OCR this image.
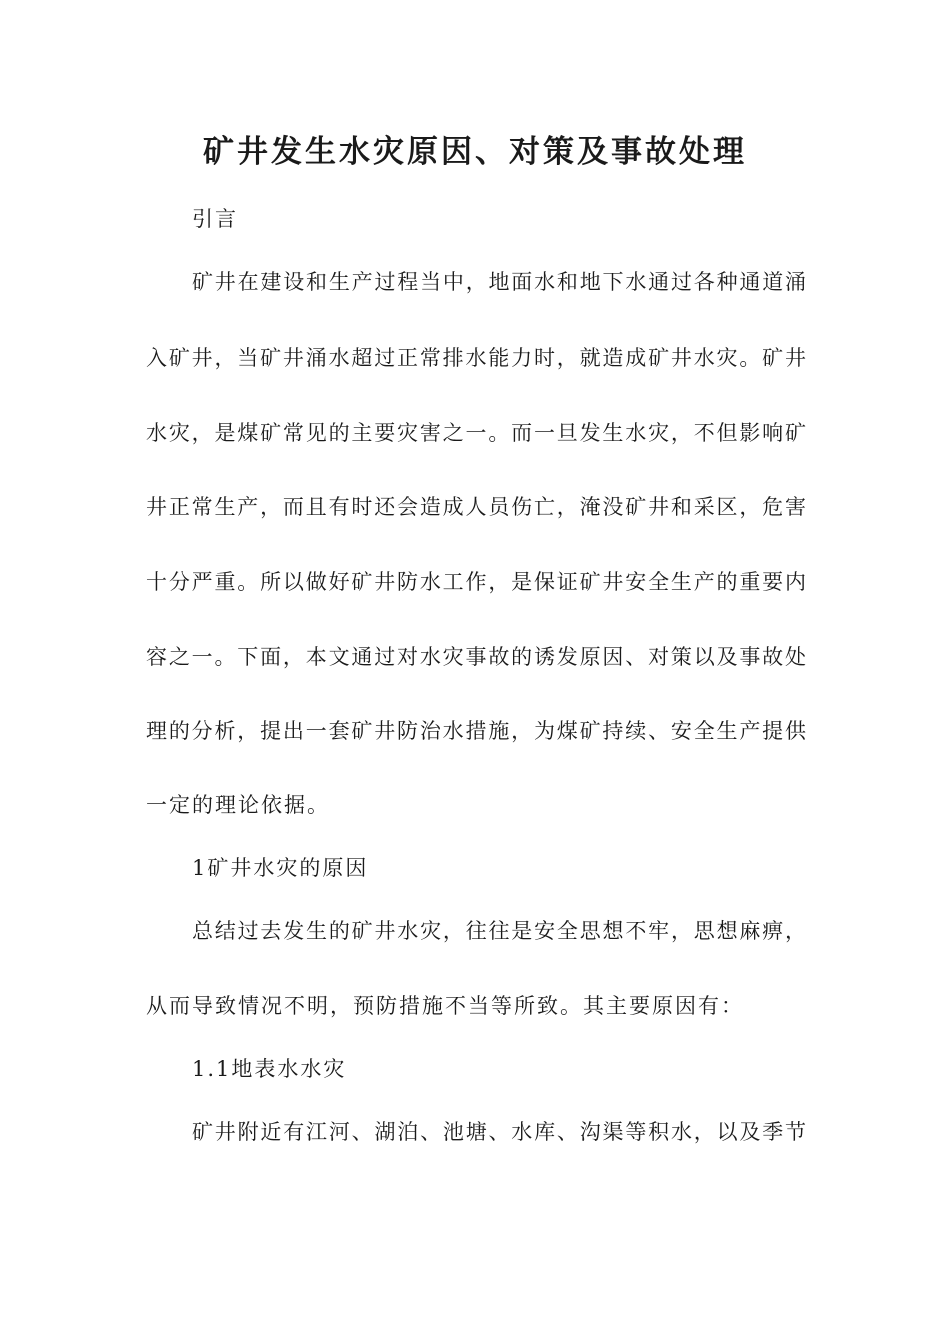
矿井发生水灾原因、对策及事故处理

引言

矿井在建设和生产过程当中，地面水和地下水通过各种通道涌

入矿井，当矿井涌水超过正常排水能力时，就造成矿井水灾。矿井

水灾，是煤矿常见的主要灾害之一。而一旦发生水灾，不但影响矿

井正常生产，而且有时还会造成人员伤亡，淹没矿井和采区，危害

十分严重。所以做好矿井防水工作，是保证矿井安全生产的重要内

容之一。下面，本文通过对水灾事故的诱发原因、对策以及事故处

理的分析，提出一套矿井防治水措施，为煤矿持续、安全生产提供

一定的理论依据。

1矿井水灾的原因

总结过去发生的矿井水灾，往往是安全思想不牢，思想麻痹，

从而导致情况不明，预防措施不当等所致。其主要原因有：

1.1地表水水灾

矿井附近有江河、湖泊、池塘、水库、沟渠等积水，以及季节
